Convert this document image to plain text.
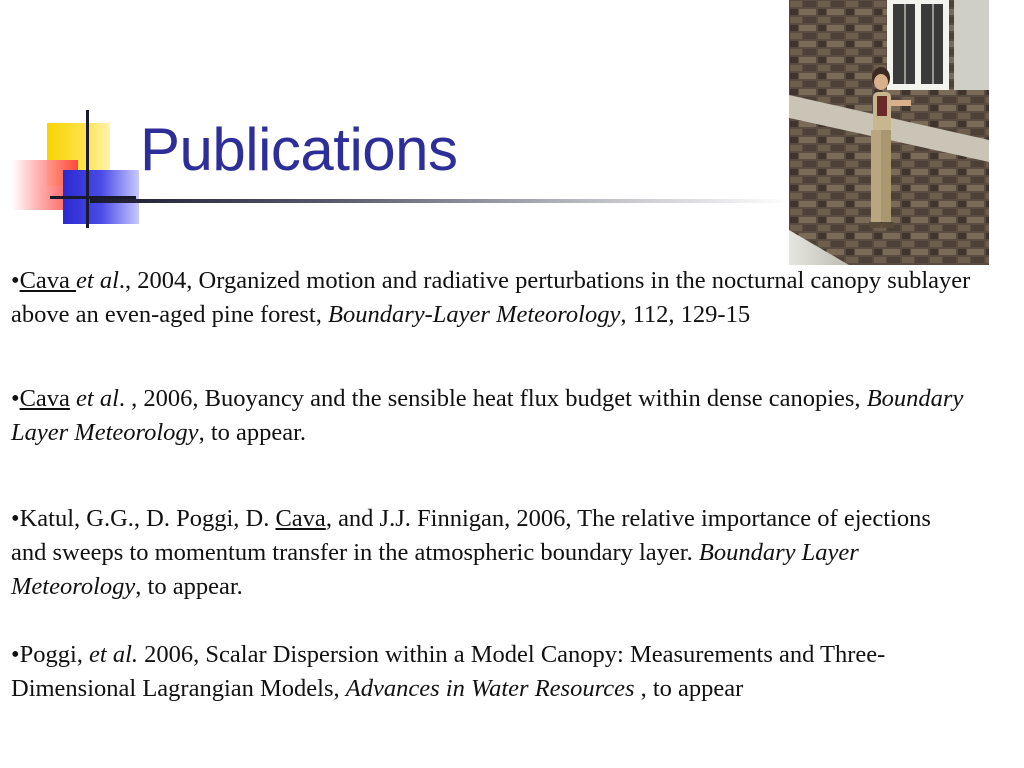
Publications

•Cava et al., 2004, Organized motion and radiative perturbations in the nocturnal canopy sublayer above an even-aged pine forest, Boundary-Layer Meteorology, 112, 129-15

•Cava et al. , 2006, Buoyancy and the sensible heat flux budget within dense canopies, Boundary Layer Meteorology, to appear.

•Katul, G.G., D. Poggi, D. Cava, and J.J. Finnigan, 2006, The relative importance of ejections and sweeps to momentum transfer in the atmospheric boundary layer. Boundary Layer Meteorology, to appear.

•Poggi, et al. 2006, Scalar Dispersion within a Model Canopy: Measurements and Three-Dimensional Lagrangian Models, Advances in Water Resources , to appear
